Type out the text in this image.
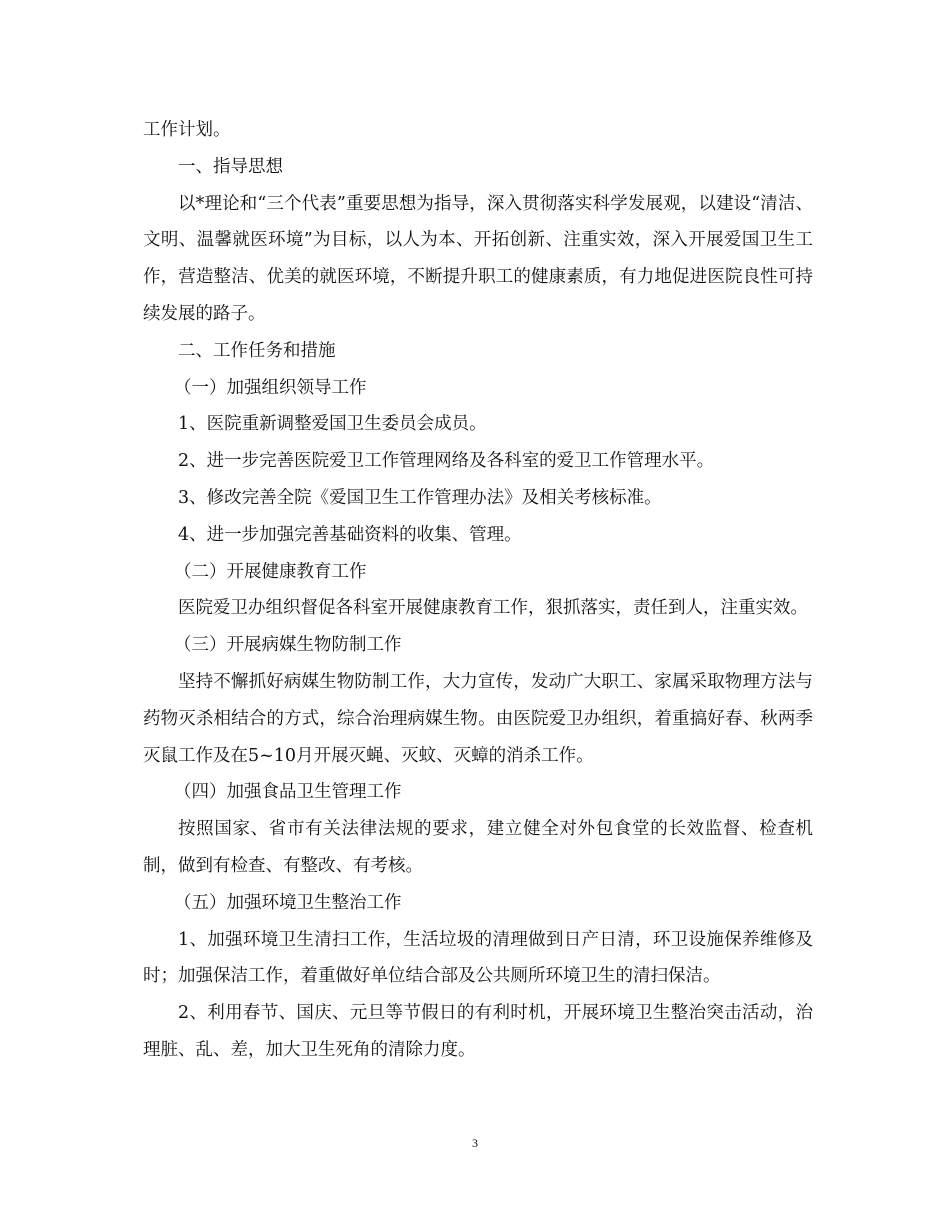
工作计划。

一、指导思想

以*理论和“三个代表”重要思想为指导，深入贯彻落实科学发展观，以建设“清洁、文明、温馨就医环境”为目标，以人为本、开拓创新、注重实效，深入开展爱国卫生工作，营造整洁、优美的就医环境，不断提升职工的健康素质，有力地促进医院良性可持续发展的路子。

二、工作任务和措施

（一）加强组织领导工作

1、医院重新调整爱国卫生委员会成员。

2、进一步完善医院爱卫工作管理网络及各科室的爱卫工作管理水平。

3、修改完善全院《爱国卫生工作管理办法》及相关考核标准。

4、进一步加强完善基础资料的收集、管理。

（二）开展健康教育工作

医院爱卫办组织督促各科室开展健康教育工作，狠抓落实，责任到人，注重实效。

（三）开展病媒生物防制工作

坚持不懈抓好病媒生物防制工作，大力宣传，发动广大职工、家属采取物理方法与药物灭杀相结合的方式，综合治理病媒生物。由医院爱卫办组织，着重搞好春、秋两季灭鼠工作及在5~10月开展灭蝇、灭蚊、灭蟑的消杀工作。

（四）加强食品卫生管理工作

按照国家、省市有关法律法规的要求，建立健全对外包食堂的长效监督、检查机制，做到有检查、有整改、有考核。

（五）加强环境卫生整治工作

1、加强环境卫生清扫工作，生活垃圾的清理做到日产日清，环卫设施保养维修及时；加强保洁工作，着重做好单位结合部及公共厕所环境卫生的清扫保洁。

2、利用春节、国庆、元旦等节假日的有利时机，开展环境卫生整治突击活动，治理脏、乱、差，加大卫生死角的清除力度。

3
